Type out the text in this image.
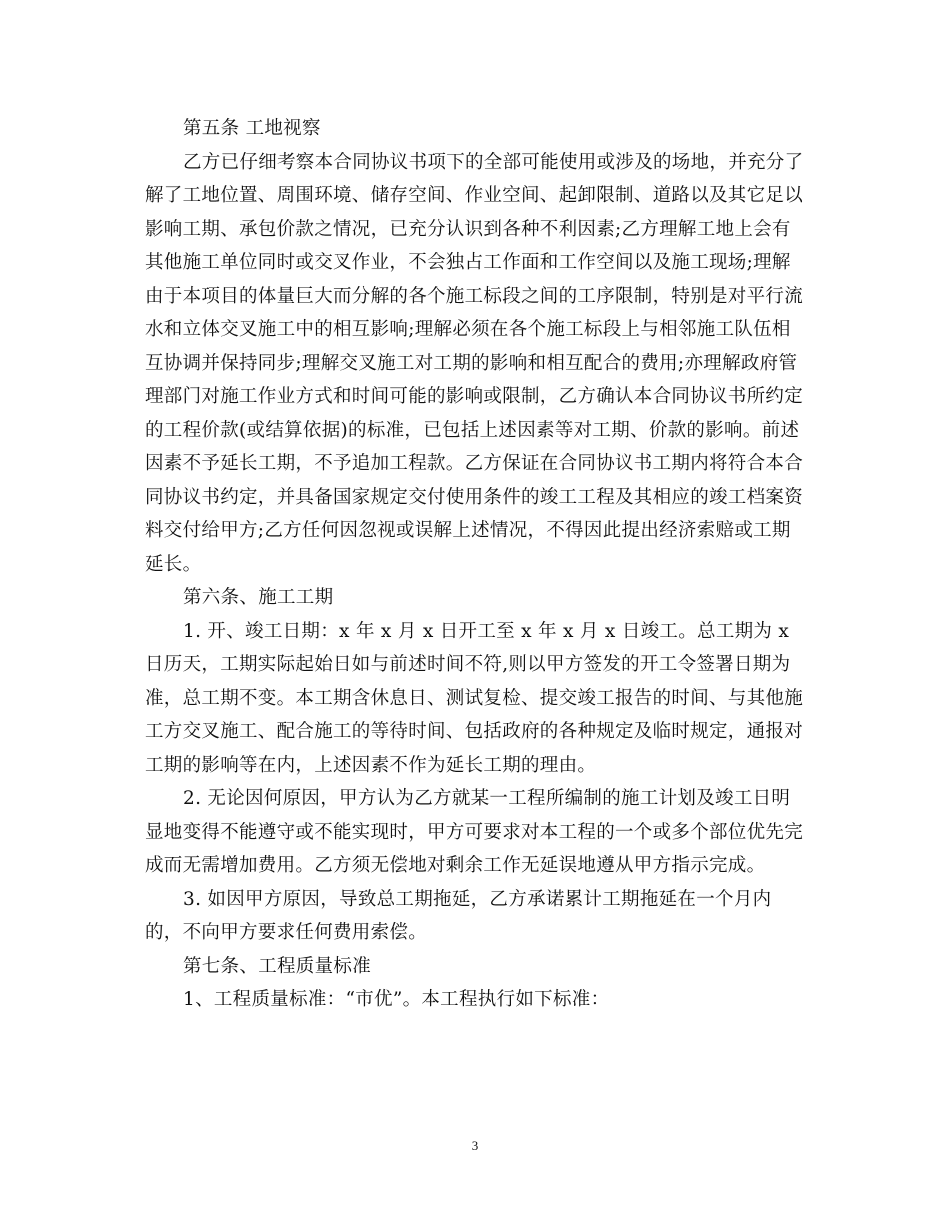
第五条 工地视察
乙方已仔细考察本合同协议书项下的全部可能使用或涉及的场地，并充分了
解了工地位置、周围环境、储存空间、作业空间、起卸限制、道路以及其它足以
影响工期、承包价款之情况，已充分认识到各种不利因素;乙方理解工地上会有
其他施工单位同时或交叉作业，不会独占工作面和工作空间以及施工现场;理解
由于本项目的体量巨大而分解的各个施工标段之间的工序限制，特别是对平行流
水和立体交叉施工中的相互影响;理解必须在各个施工标段上与相邻施工队伍相
互协调并保持同步;理解交叉施工对工期的影响和相互配合的费用;亦理解政府管
理部门对施工作业方式和时间可能的影响或限制，乙方确认本合同协议书所约定
的工程价款(或结算依据)的标准，已包括上述因素等对工期、价款的影响。前述
因素不予延长工期，不予追加工程款。乙方保证在合同协议书工期内将符合本合
同协议书约定，并具备国家规定交付使用条件的竣工工程及其相应的竣工档案资
料交付给甲方;乙方任何因忽视或误解上述情况，不得因此提出经济索赔或工期
延长。
第六条、施工工期
1. 开、竣工日期：x 年 x 月 x 日开工至 x 年 x 月 x 日竣工。总工期为 x
日历天，工期实际起始日如与前述时间不符,则以甲方签发的开工令签署日期为
准，总工期不变。本工期含休息日、测试复检、提交竣工报告的时间、与其他施
工方交叉施工、配合施工的等待时间、包括政府的各种规定及临时规定，通报对
工期的影响等在内，上述因素不作为延长工期的理由。
2. 无论因何原因，甲方认为乙方就某一工程所编制的施工计划及竣工日明
显地变得不能遵守或不能实现时，甲方可要求对本工程的一个或多个部位优先完
成而无需增加费用。乙方须无偿地对剩余工作无延误地遵从甲方指示完成。
3. 如因甲方原因，导致总工期拖延，乙方承诺累计工期拖延在一个月内
的，不向甲方要求任何费用索偿。
第七条、工程质量标准
1、工程质量标准：“市优”。本工程执行如下标准：
3
